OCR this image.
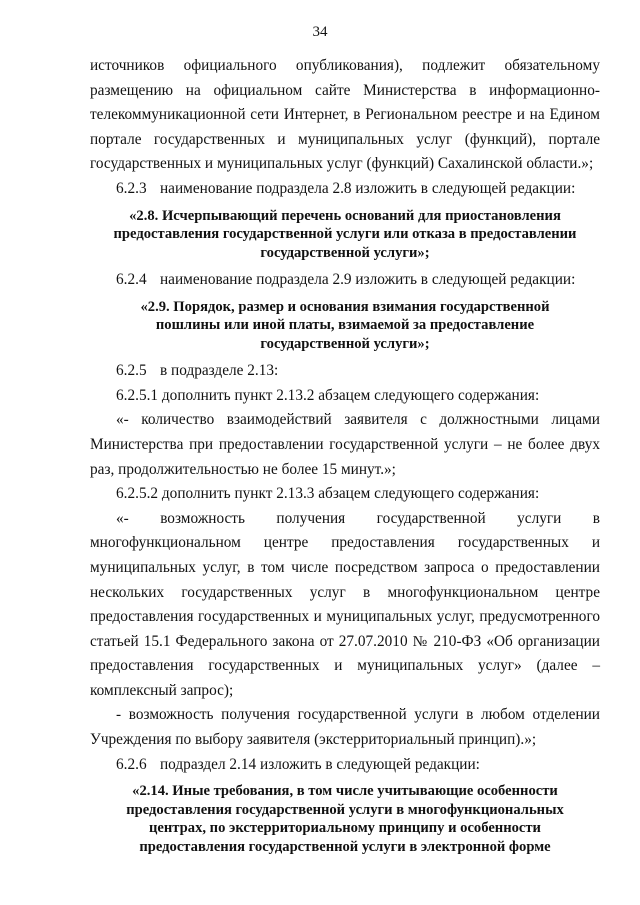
34
источников официального опубликования), подлежит обязательному
размещению на официальном сайте Министерства в информационно-
телекоммуникационной сети Интернет, в Региональном реестре и на Едином
портале государственных и муниципальных услуг (функций), портале
государственных и муниципальных услуг (функций) Сахалинской области.»;
6.2.3 наименование подраздела 2.8 изложить в следующей редакции:
«2.8. Исчерпывающий перечень оснований для приостановления
предоставления государственной услуги или отказа в предоставлении
государственной услуги»;
6.2.4 наименование подраздела 2.9 изложить в следующей редакции:
«2.9. Порядок, размер и основания взимания государственной
пошлины или иной платы, взимаемой за предоставление
государственной услуги»;
6.2.5 в подразделе 2.13:
6.2.5.1 дополнить пункт 2.13.2 абзацем следующего содержания:
«- количество взаимодействий заявителя с должностными лицами
Министерства при предоставлении государственной услуги – не более двух
раз, продолжительностью не более 15 минут.»;
6.2.5.2 дополнить пункт 2.13.3 абзацем следующего содержания:
«- возможность получения государственной услуги в
многофункциональном центре предоставления государственных и
муниципальных услуг, в том числе посредством запроса о предоставлении
нескольких государственных услуг в многофункциональном центре
предоставления государственных и муниципальных услуг, предусмотренного
статьей 15.1 Федерального закона от 27.07.2010 № 210-ФЗ «Об организации
предоставления государственных и муниципальных услуг» (далее –
комплексный запрос);
- возможность получения государственной услуги в любом отделении
Учреждения по выбору заявителя (экстерриториальный принцип).»;
6.2.6 подраздел 2.14 изложить в следующей редакции:
«2.14. Иные требования, в том числе учитывающие особенности
предоставления государственной услуги в многофункциональных
центрах, по экстерриториальному принципу и особенности
предоставления государственной услуги в электронной форме
